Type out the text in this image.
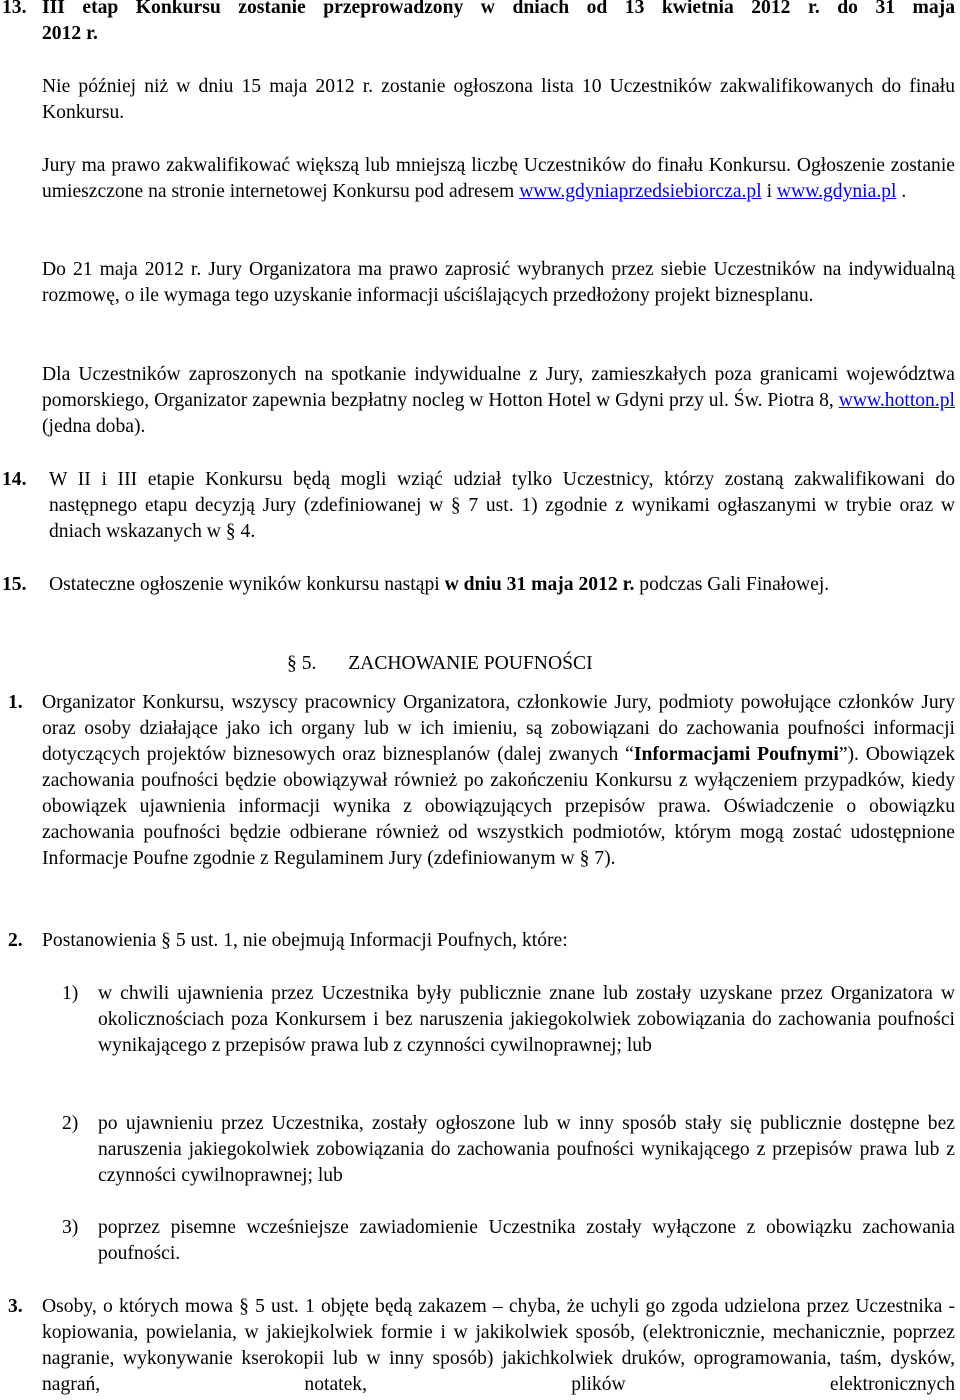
13. III etap Konkursu zostanie przeprowadzony w dniach od 13 kwietnia 2012 r. do 31 maja
2012 r.
Nie później niż w dniu 15 maja 2012 r. zostanie ogłoszona lista 10 Uczestników zakwalifikowanych do finału Konkursu.
Jury ma prawo zakwalifikować większą lub mniejszą liczbę Uczestników do finału Konkursu. Ogłoszenie zostanie umieszczone na stronie internetowej Konkursu pod adresem www.gdyniaprzedsiebiorcza.pl i www.gdynia.pl .
Do 21 maja 2012 r. Jury Organizatora ma prawo zaprosić wybranych przez siebie Uczestników na indywidualną rozmowę, o ile wymaga tego uzyskanie informacji uściślających przedłożony projekt biznesplanu.
Dla Uczestników zaproszonych na spotkanie indywidualne z Jury, zamieszkałych poza granicami województwa pomorskiego, Organizator zapewnia bezpłatny nocleg w Hotton Hotel w Gdyni przy ul. Św. Piotra 8, www.hotton.pl (jedna doba).
14. W II i III etapie Konkursu będą mogli wziąć udział tylko Uczestnicy, którzy zostaną zakwalifikowani do następnego etapu decyzją Jury (zdefiniowanej w § 7 ust. 1) zgodnie z wynikami ogłaszanymi w trybie oraz w dniach wskazanych w § 4.
15. Ostateczne ogłoszenie wyników konkursu nastąpi w dniu 31 maja 2012 r. podczas Gali Finałowej.
§ 5. ZACHOWANIE POUFNOŚCI
1. Organizator Konkursu, wszyscy pracownicy Organizatora, członkowie Jury, podmioty powołujące członków Jury oraz osoby działające jako ich organy lub w ich imieniu, są zobowiązani do zachowania poufności informacji dotyczących projektów biznesowych oraz biznesplanów (dalej zwanych “Informacjami Poufnymi”). Obowiązek zachowania poufności będzie obowiązywał również po zakończeniu Konkursu z wyłączeniem przypadków, kiedy obowiązek ujawnienia informacji wynika z obowiązujących przepisów prawa. Oświadczenie o obowiązku zachowania poufności będzie odbierane również od wszystkich podmiotów, którym mogą zostać udostępnione Informacje Poufne zgodnie z Regulaminem Jury (zdefiniowanym w § 7).
2. Postanowienia § 5 ust. 1, nie obejmują Informacji Poufnych, które:
1) w chwili ujawnienia przez Uczestnika były publicznie znane lub zostały uzyskane przez Organizatora w okolicznościach poza Konkursem i bez naruszenia jakiegokolwiek zobowiązania do zachowania poufności wynikającego z przepisów prawa lub z czynności cywilnoprawnej; lub
2) po ujawnieniu przez Uczestnika, zostały ogłoszone lub w inny sposób stały się publicznie dostępne bez naruszenia jakiegokolwiek zobowiązania do zachowania poufności wynikającego z przepisów prawa lub z czynności cywilnoprawnej; lub
3) poprzez pisemne wcześniejsze zawiadomienie Uczestnika zostały wyłączone z obowiązku zachowania poufności.
3. Osoby, o których mowa § 5 ust. 1 objęte będą zakazem – chyba, że uchyli go zgoda udzielona przez Uczestnika - kopiowania, powielania, w jakiejkolwiek formie i w jakikolwiek sposób, (elektronicznie, mechanicznie, poprzez nagranie, wykonywanie kserokopii lub w inny sposób) jakichkolwiek druków, oprogramowania, taśm, dysków, nagrań, notatek, plików elektronicznych
